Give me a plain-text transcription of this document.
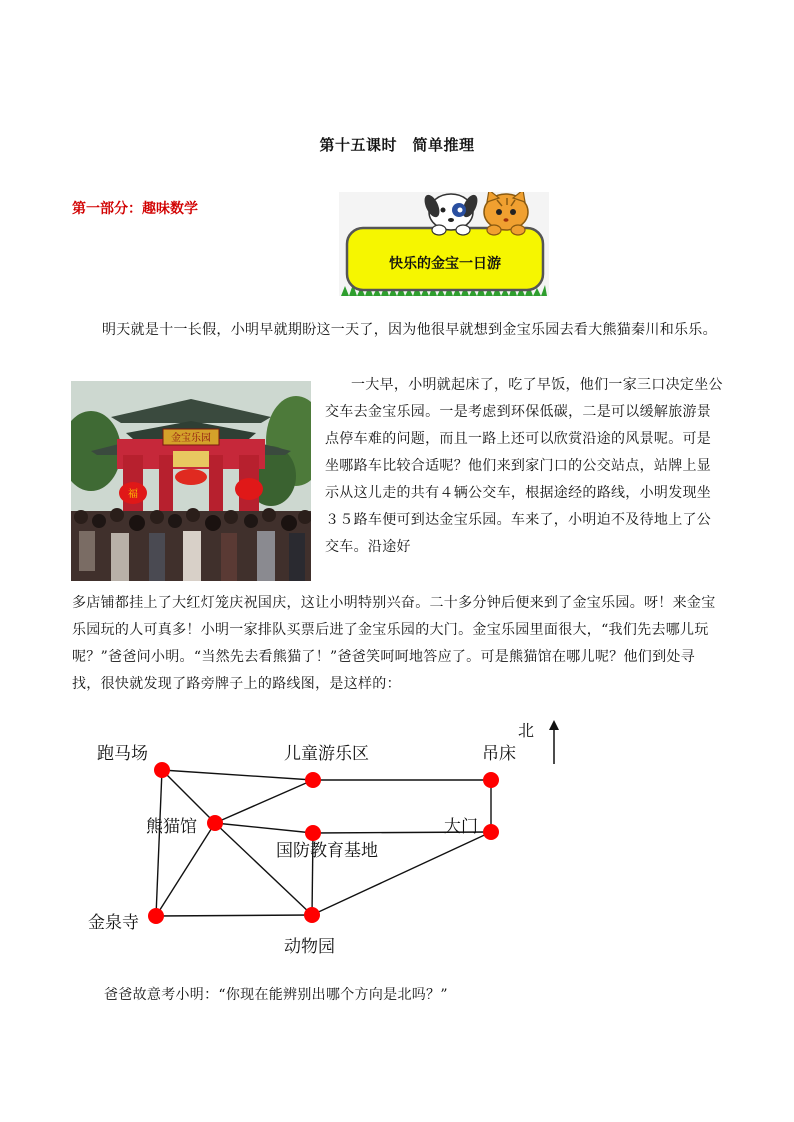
第十五课时　简单推理
第一部分：趣味数学
快乐的金宝一日游
明天就是十一长假，小明早就期盼这一天了，因为他很早就想到金宝乐园去看大熊猫秦川和乐乐。
金宝乐园
福
一大早，小明就起床了，吃了早饭，他们一家三口决定坐公交车去金宝乐园。一是考虑到环保低碳，二是可以缓解旅游景点停车难的问题，而且一路上还可以欣赏沿途的风景呢。可是坐哪路车比较合适呢？他们来到家门口的公交站点，站牌上显示从这儿走的共有４辆公交车，根据途经的路线，小明发现坐３５路车便可到达金宝乐园。车来了，小明迫不及待地上了公交车。沿途好
多店铺都挂上了大红灯笼庆祝国庆，这让小明特别兴奋。二十多分钟后便来到了金宝乐园。呀！来金宝乐园玩的人可真多！小明一家排队买票后进了金宝乐园的大门。金宝乐园里面很大，“我们先去哪儿玩呢？”爸爸问小明。“当然先去看熊猫了！”爸爸笑呵呵地答应了。可是熊猫馆在哪儿呢？他们到处寻找，很快就发现了路旁牌子上的路线图，是这样的：
北
跑马场	儿童游乐区	吊床
熊猫馆
国防教育基地
大门
金泉寺
动物园
爸爸故意考小明：“你现在能辨别出哪个方向是北吗？”
